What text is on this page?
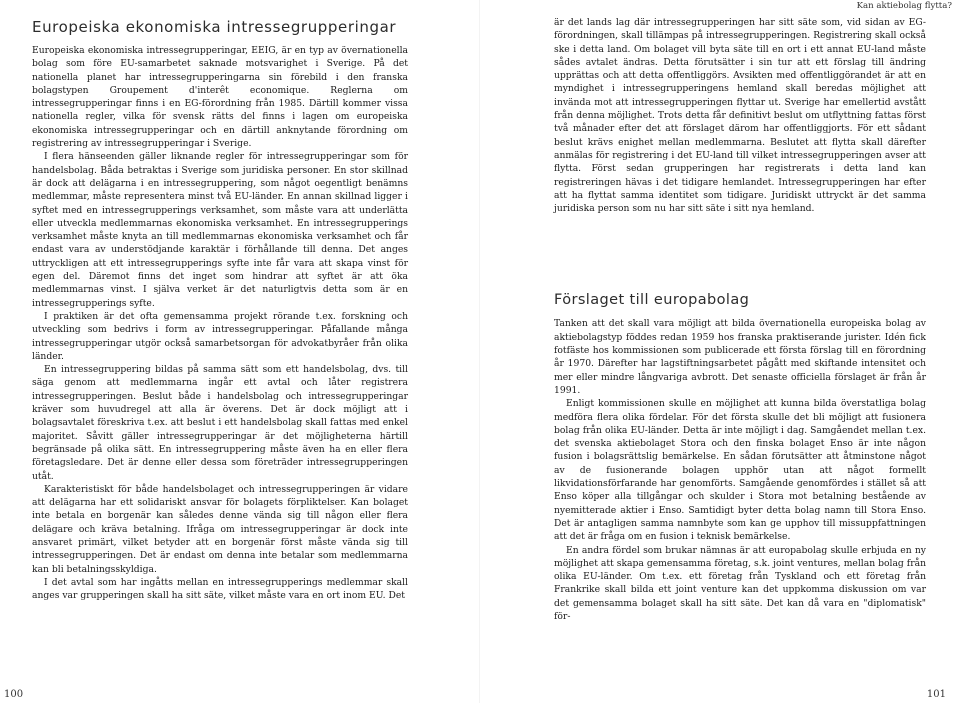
Europeiska ekonomiska intressegrupperingar

Europeiska ekonomiska intressegrupperingar, EEIG, är en typ av övernationella bolag som före EU-samarbetet saknade motsvarighet i Sverige. På det nationella planet har intressegrupperingarna sin förebild i den franska bolagstypen Groupement d'interêt economique. Reglerna om intressegrupperingar finns i en EG-förordning från 1985. Därtill kommer vissa nationella regler, vilka för svensk rätts del finns i lagen om europeiska ekonomiska intressegrupperingar och en därtill anknytande förordning om registrering av intressegrupperingar i Sverige.

I flera hänseenden gäller liknande regler för intressegrupperingar som för handelsbolag. Båda betraktas i Sverige som juridiska personer. En stor skillnad är dock att delägarna i en intressegruppering, som något oegentligt benämns medlemmar, måste representera minst två EU-länder. En annan skillnad ligger i syftet med en intressegrupperings verksamhet, som måste vara att underlätta eller utveckla medlemmarnas ekonomiska verksamhet. En intressegrupperings verksamhet måste knyta an till medlemmarnas ekonomiska verksamhet och får endast vara av understödjande karaktär i förhållande till denna. Det anges uttryckligen att ett intressegrupperings syfte inte får vara att skapa vinst för egen del. Däremot finns det inget som hindrar att syftet är att öka medlemmarnas vinst. I själva verket är det naturligtvis detta som är en intressegrupperings syfte.

I praktiken är det ofta gemensamma projekt rörande t.ex. forskning och utveckling som bedrivs i form av intressegrupperingar. Påfallande många intressegrupperingar utgör också samarbetsorgan för advokatbyråer från olika länder.

En intressegruppering bildas på samma sätt som ett handelsbolag, dvs. till säga genom att medlemmarna ingår ett avtal och låter registrera intressegrupperingen. Beslut både i handelsbolag och intressegrupperingar kräver som huvudregel att alla är överens. Det är dock möjligt att i bolagsavtalet föreskriva t.ex. att beslut i ett handelsbolag skall fattas med enkel majoritet. Såvitt gäller intressegrupperingar är det möjligheterna härtill begränsade på olika sätt. En intressegruppering måste även ha en eller flera företagsledare. Det är denne eller dessa som företräder intressegrupperingen utåt.

Karakteristiskt för både handelsbolaget och intressegrupperingen är vidare att delägarna har ett solidariskt ansvar för bolagets förpliktelser. Kan bolaget inte betala en borgenär kan således denne vända sig till någon eller flera delägare och kräva betalning. Ifråga om intressegrupperingar är dock inte ansvaret primärt, vilket betyder att en borgenär först måste vända sig till intressegrupperingen. Det är endast om denna inte betalar som medlemmarna kan bli betalningsskyldiga.

I det avtal som har ingåtts mellan en intressegrupperings medlemmar skall anges var grupperingen skall ha sitt säte, vilket måste vara en ort inom EU. Det

100
Kan aktiebolag flytta?

är det lands lag där intressegrupperingen har sitt säte som, vid sidan av EG-förordningen, skall tillämpas på intressegrupperingen. Registrering skall också ske i detta land. Om bolaget vill byta säte till en ort i ett annat EU-land måste sådes avtalet ändras. Detta förutsätter i sin tur att ett förslag till ändring upprättas och att detta offentliggörs. Avsikten med offentliggörandet är att en myndighet i intressegrupperingens hemland skall beredas möjlighet att invända mot att intressegrupperingen flyttar ut. Sverige har emellertid avstått från denna möjlighet. Trots detta får definitivt beslut om utflyttning fattas först två månader efter det att förslaget därom har offentliggjorts. För ett sådant beslut krävs enighet mellan medlemmarna. Beslutet att flytta skall därefter anmälas för registrering i det EU-land till vilket intressegrupperingen avser att flytta. Först sedan grupperingen har registrerats i detta land kan registreringen hävas i det tidigare hemlandet. Intressegrupperingen har efter att ha flyttat samma identitet som tidigare. Juridiskt uttryckt är det samma juridiska person som nu har sitt säte i sitt nya hemland.

Förslaget till europabolag

Tanken att det skall vara möjligt att bilda övernationella europeiska bolag av aktiebolagstyp föddes redan 1959 hos franska praktiserande jurister. Idén fick fotfäste hos kommissionen som publicerade ett första förslag till en förordning år 1970. Därefter har lagstiftningsarbetet pågått med skiftande intensitet och mer eller mindre långvariga avbrott. Det senaste officiella förslaget är från år 1991.

Enligt kommissionen skulle en möjlighet att kunna bilda överstatliga bolag medföra flera olika fördelar. För det första skulle det bli möjligt att fusionera bolag från olika EU-länder. Detta är inte möjligt i dag. Samgåendet mellan t.ex. det svenska aktiebolaget Stora och den finska bolaget Enso är inte någon fusion i bolagsrättslig bemärkelse. En sådan förutsätter att åtminstone något av de fusionerande bolagen upphör utan att något formellt likvidationsförfarande har genomförts. Samgående genomfördes i stället så att Enso köper alla tillgångar och skulder i Stora mot betalning bestående av nyemitterade aktier i Enso. Samtidigt byter detta bolag namn till Stora Enso. Det är antagligen samma namnbyte som kan ge upphov till missuppfattningen att det är fråga om en fusion i teknisk bemärkelse.

En andra fördel som brukar nämnas är att europabolag skulle erbjuda en ny möjlighet att skapa gemensamma företag, s.k. joint ventures, mellan bolag från olika EU-länder. Om t.ex. ett företag från Tyskland och ett företag från Frankrike skall bilda ett joint venture kan det uppkomma diskussion om var det gemensamma bolaget skall ha sitt säte. Det kan då vara en "diplomatisk" för-

101
